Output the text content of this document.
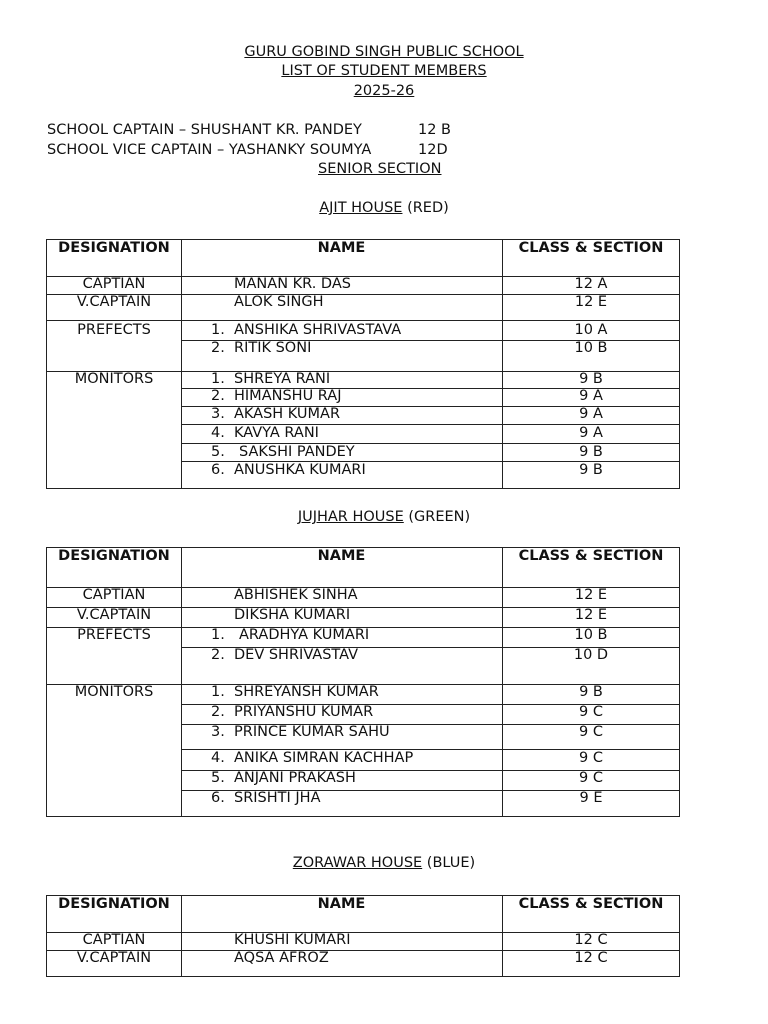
GURU GOBIND SINGH PUBLIC SCHOOL
LIST OF STUDENT MEMBERS
2025-26
SCHOOL CAPTAIN – SHUSHANT KR. PANDEY	12 B
SCHOOL VICE CAPTAIN – YASHANKY SOUMYA	12D
SENIOR SECTION
AJIT HOUSE (RED)
DESIGNATION	NAME	CLASS & SECTION
CAPTIAN	MANAN KR. DAS	12 A
V.CAPTAIN	ALOK SINGH	12 E
PREFECTS	1. ANSHIKA SHRIVASTAVA	10 A
2. RITIK SONI	10 B
MONITORS	1. SHREYA RANI	9 B
2. HIMANSHU RAJ	9 A
3. AKASH KUMAR	9 A
4. KAVYA RANI	9 A
5. SAKSHI PANDEY	9 B
6. ANUSHKA KUMARI	9 B
JUJHAR HOUSE (GREEN)
DESIGNATION	NAME	CLASS & SECTION
CAPTIAN	ABHISHEK SINHA	12 E
V.CAPTAIN	DIKSHA KUMARI	12 E
PREFECTS	1. ARADHYA KUMARI	10 B
2. DEV SHRIVASTAV	10 D
MONITORS	1. SHREYANSH KUMAR	9 B
2. PRIYANSHU KUMAR	9 C
3. PRINCE KUMAR SAHU	9 C
4. ANIKA SIMRAN KACHHAP	9 C
5. ANJANI PRAKASH	9 C
6. SRISHTI JHA	9 E
ZORAWAR HOUSE (BLUE)
DESIGNATION	NAME	CLASS & SECTION
CAPTIAN	KHUSHI KUMARI	12 C
V.CAPTAIN	AQSA AFROZ	12 C
